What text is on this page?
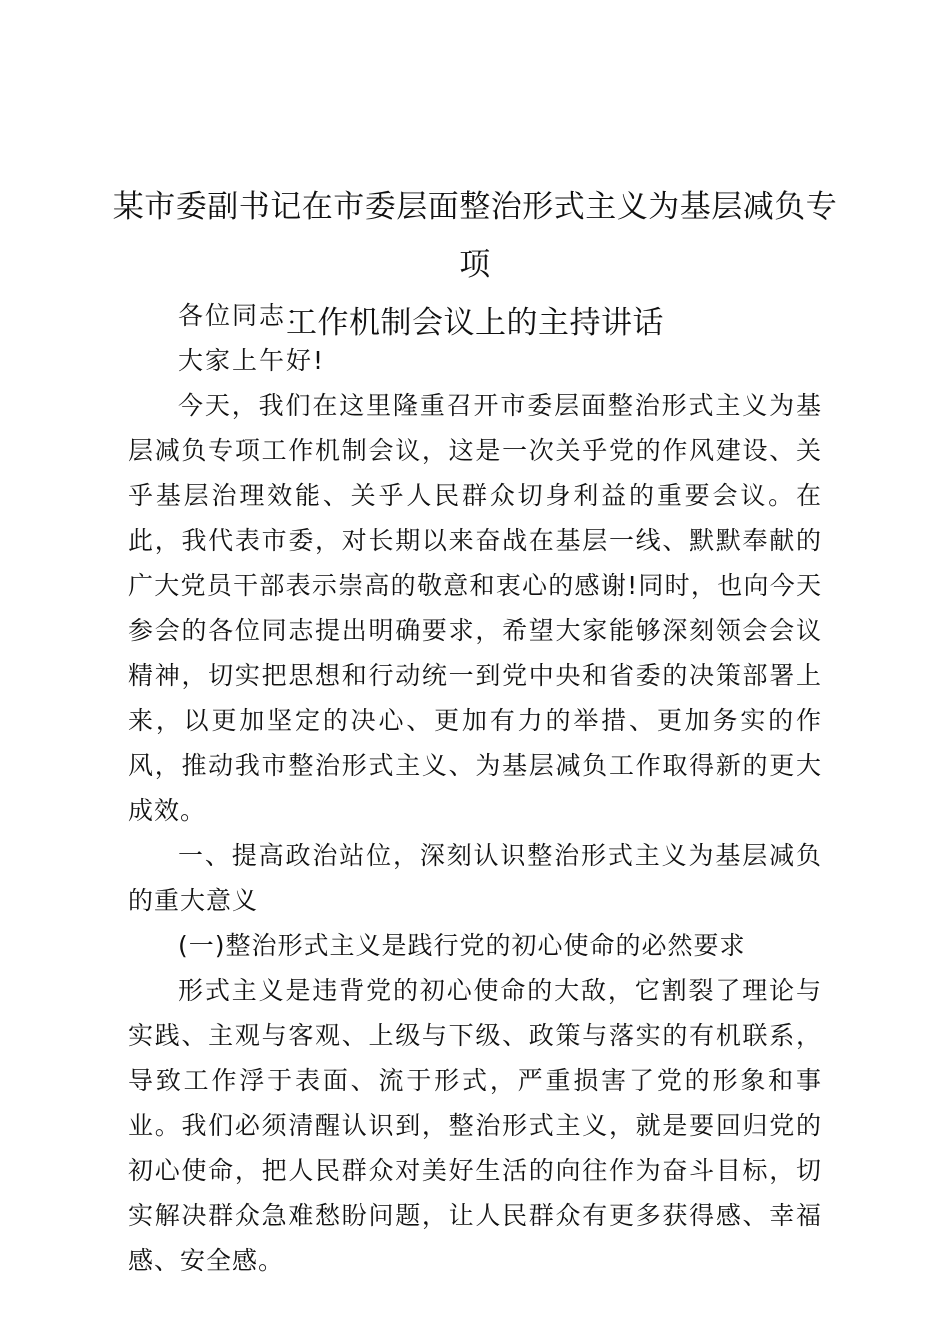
某市委副书记在市委层面整治形式主义为基层减负专项
工作机制会议上的主持讲话

各位同志：

大家上午好!

今天，我们在这里隆重召开市委层面整治形式主义为基层减负专项工作机制会议，这是一次关乎党的作风建设、关乎基层治理效能、关乎人民群众切身利益的重要会议。在此，我代表市委，对长期以来奋战在基层一线、默默奉献的广大党员干部表示崇高的敬意和衷心的感谢!同时，也向今天参会的各位同志提出明确要求，希望大家能够深刻领会会议精神，切实把思想和行动统一到党中央和省委的决策部署上来，以更加坚定的决心、更加有力的举措、更加务实的作风，推动我市整治形式主义、为基层减负工作取得新的更大成效。

一、提高政治站位，深刻认识整治形式主义为基层减负的重大意义

(一)整治形式主义是践行党的初心使命的必然要求

形式主义是违背党的初心使命的大敌，它割裂了理论与实践、主观与客观、上级与下级、政策与落实的有机联系，导致工作浮于表面、流于形式，严重损害了党的形象和事业。我们必须清醒认识到，整治形式主义，就是要回归党的初心使命，把人民群众对美好生活的向往作为奋斗目标，切实解决群众急难愁盼问题，让人民群众有更多获得感、幸福感、安全感。
